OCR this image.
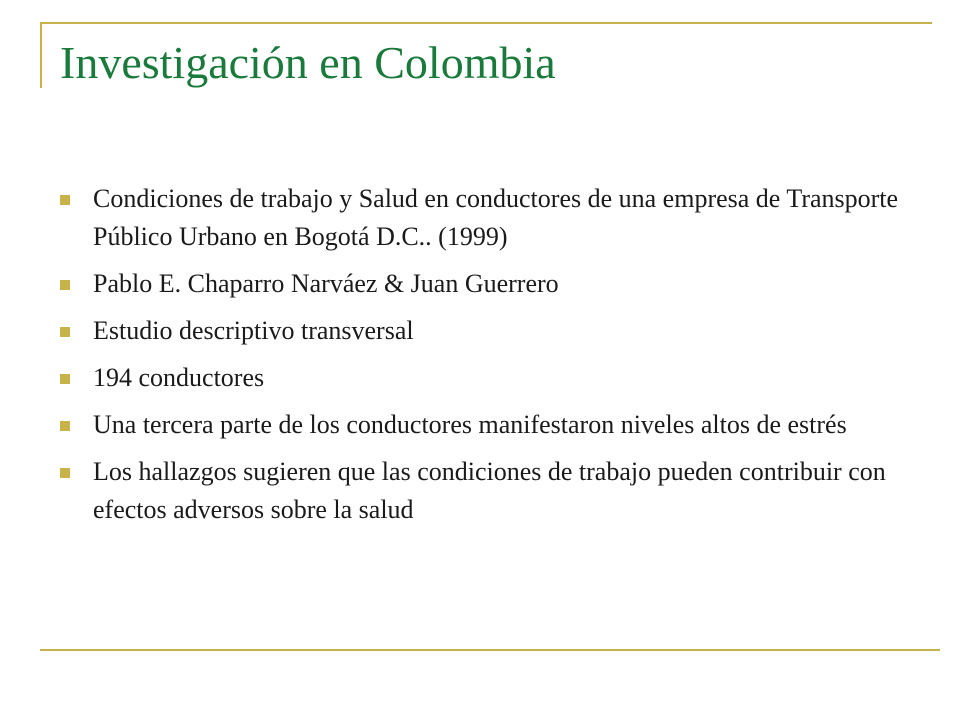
Investigación en Colombia
Condiciones de trabajo y Salud en conductores de una empresa de Transporte Público Urbano en Bogotá D.C.. (1999)
Pablo E. Chaparro Narváez & Juan Guerrero
Estudio descriptivo transversal
194 conductores
Una tercera parte de los conductores manifestaron niveles altos de estrés
Los hallazgos sugieren que las condiciones de trabajo pueden contribuir con efectos adversos sobre la salud
